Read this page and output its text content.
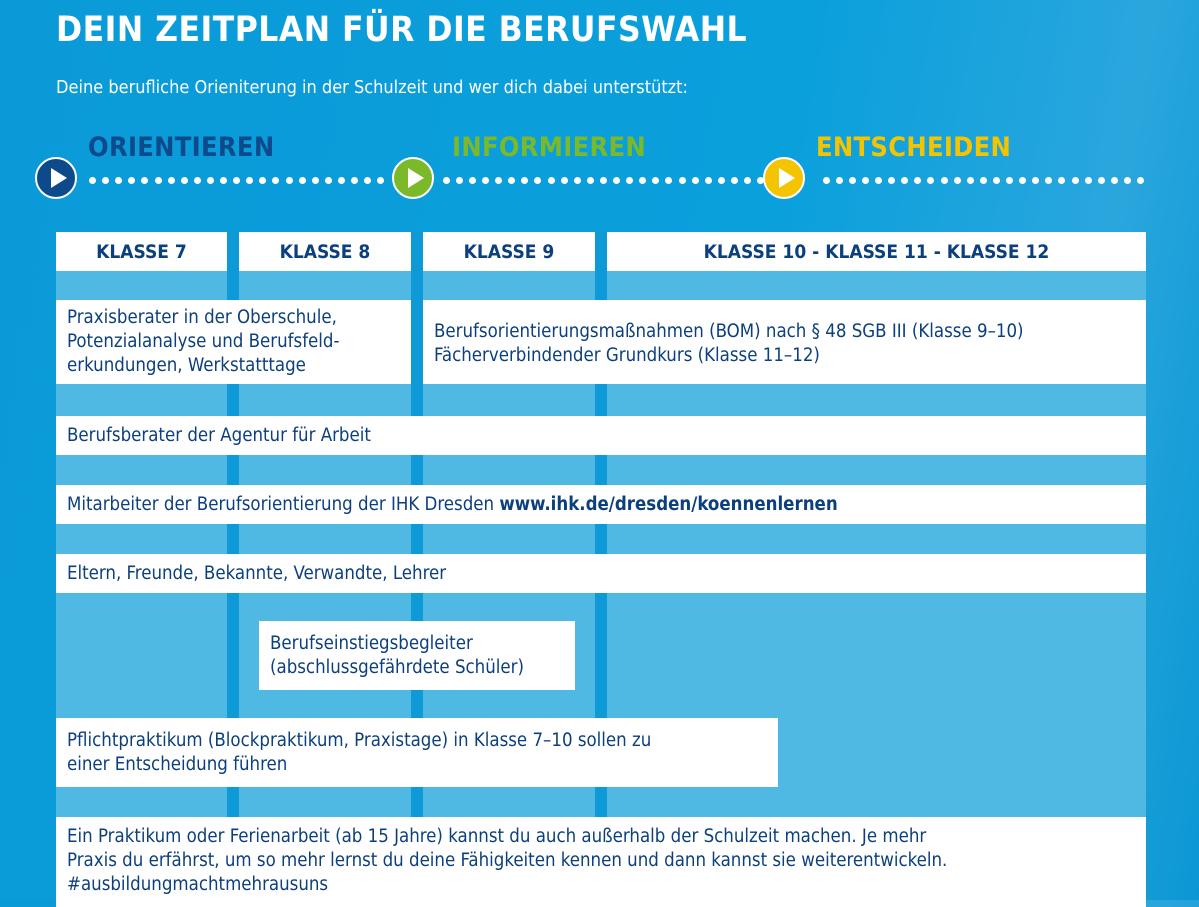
DEIN ZEITPLAN FÜR DIE BERUFSWAHL
Deine berufliche Orieniterung in der Schulzeit und wer dich dabei unterstützt:
ORIENTIEREN	INFORMIEREN	ENTSCHEIDEN
KLASSE 7	KLASSE 8	KLASSE 9	KLASSE 10 - KLASSE 11 - KLASSE 12
Praxisberater in der Oberschule,
Potenzialanalyse und Berufsfeld-
erkundungen, Werkstatttage
Berufsorientierungsmaßnahmen (BOM) nach § 48 SGB III (Klasse 9–10)
Fächerverbindender Grundkurs (Klasse 11–12)
Berufsberater der Agentur für Arbeit
Mitarbeiter der Berufsorientierung der IHK Dresden www.ihk.de/dresden/koennenlernen
Eltern, Freunde, Bekannte, Verwandte, Lehrer
Berufseinstiegsbegleiter
(abschlussgefährdete Schüler)
Pflichtpraktikum (Blockpraktikum, Praxistage) in Klasse 7–10 sollen zu
einer Entscheidung führen
Ein Praktikum oder Ferienarbeit (ab 15 Jahre) kannst du auch außerhalb der Schulzeit machen. Je mehr
Praxis du erfährst, um so mehr lernst du deine Fähigkeiten kennen und dann kannst sie weiterentwickeln.
#ausbildungmachtmehrausuns
